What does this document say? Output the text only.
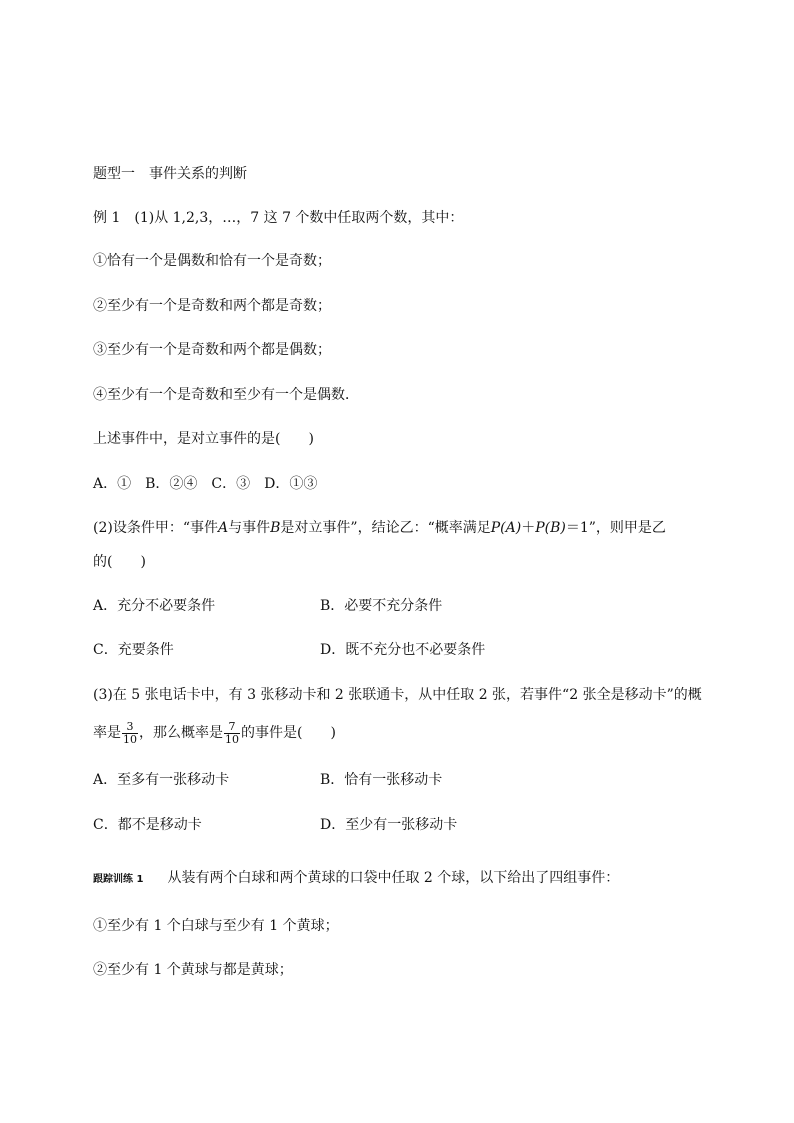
题型一　事件关系的判断
例 1　 (1)从 1,2,3，…，7 这 7 个数中任取两个数，其中：
①恰有一个是偶数和恰有一个是奇数；
②至少有一个是奇数和两个都是奇数；
③至少有一个是奇数和两个都是偶数；
④至少有一个是奇数和至少有一个是偶数．
上述事件中，是对立事件的是(　　)
A．①　B．②④　C．③　D．①③
(2)设条件甲：“事件A与事件B是对立事件”，结论乙：“概率满足P(A)＋P(B)＝1”，则甲是乙
的(　　)
A．充分不必要条件	B．必要不充分条件
C．充要条件	D．既不充分也不必要条件
(3)在 5 张电话卡中，有 3 张移动卡和 2 张联通卡，从中任取 2 张，若事件“2 张全是移动卡”的概
率是 $\frac{3}{10}$ ，那么概率是 $\frac{7}{10}$ 的事件是(　　)
A．至多有一张移动卡	B．恰有一张移动卡
C．都不是移动卡	D．至少有一张移动卡
跟踪训练 1 从装有两个白球和两个黄球的口袋中任取 2 个球，以下给出了四组事件：
①至少有 1 个白球与至少有 1 个黄球；
②至少有 1 个黄球与都是黄球；
